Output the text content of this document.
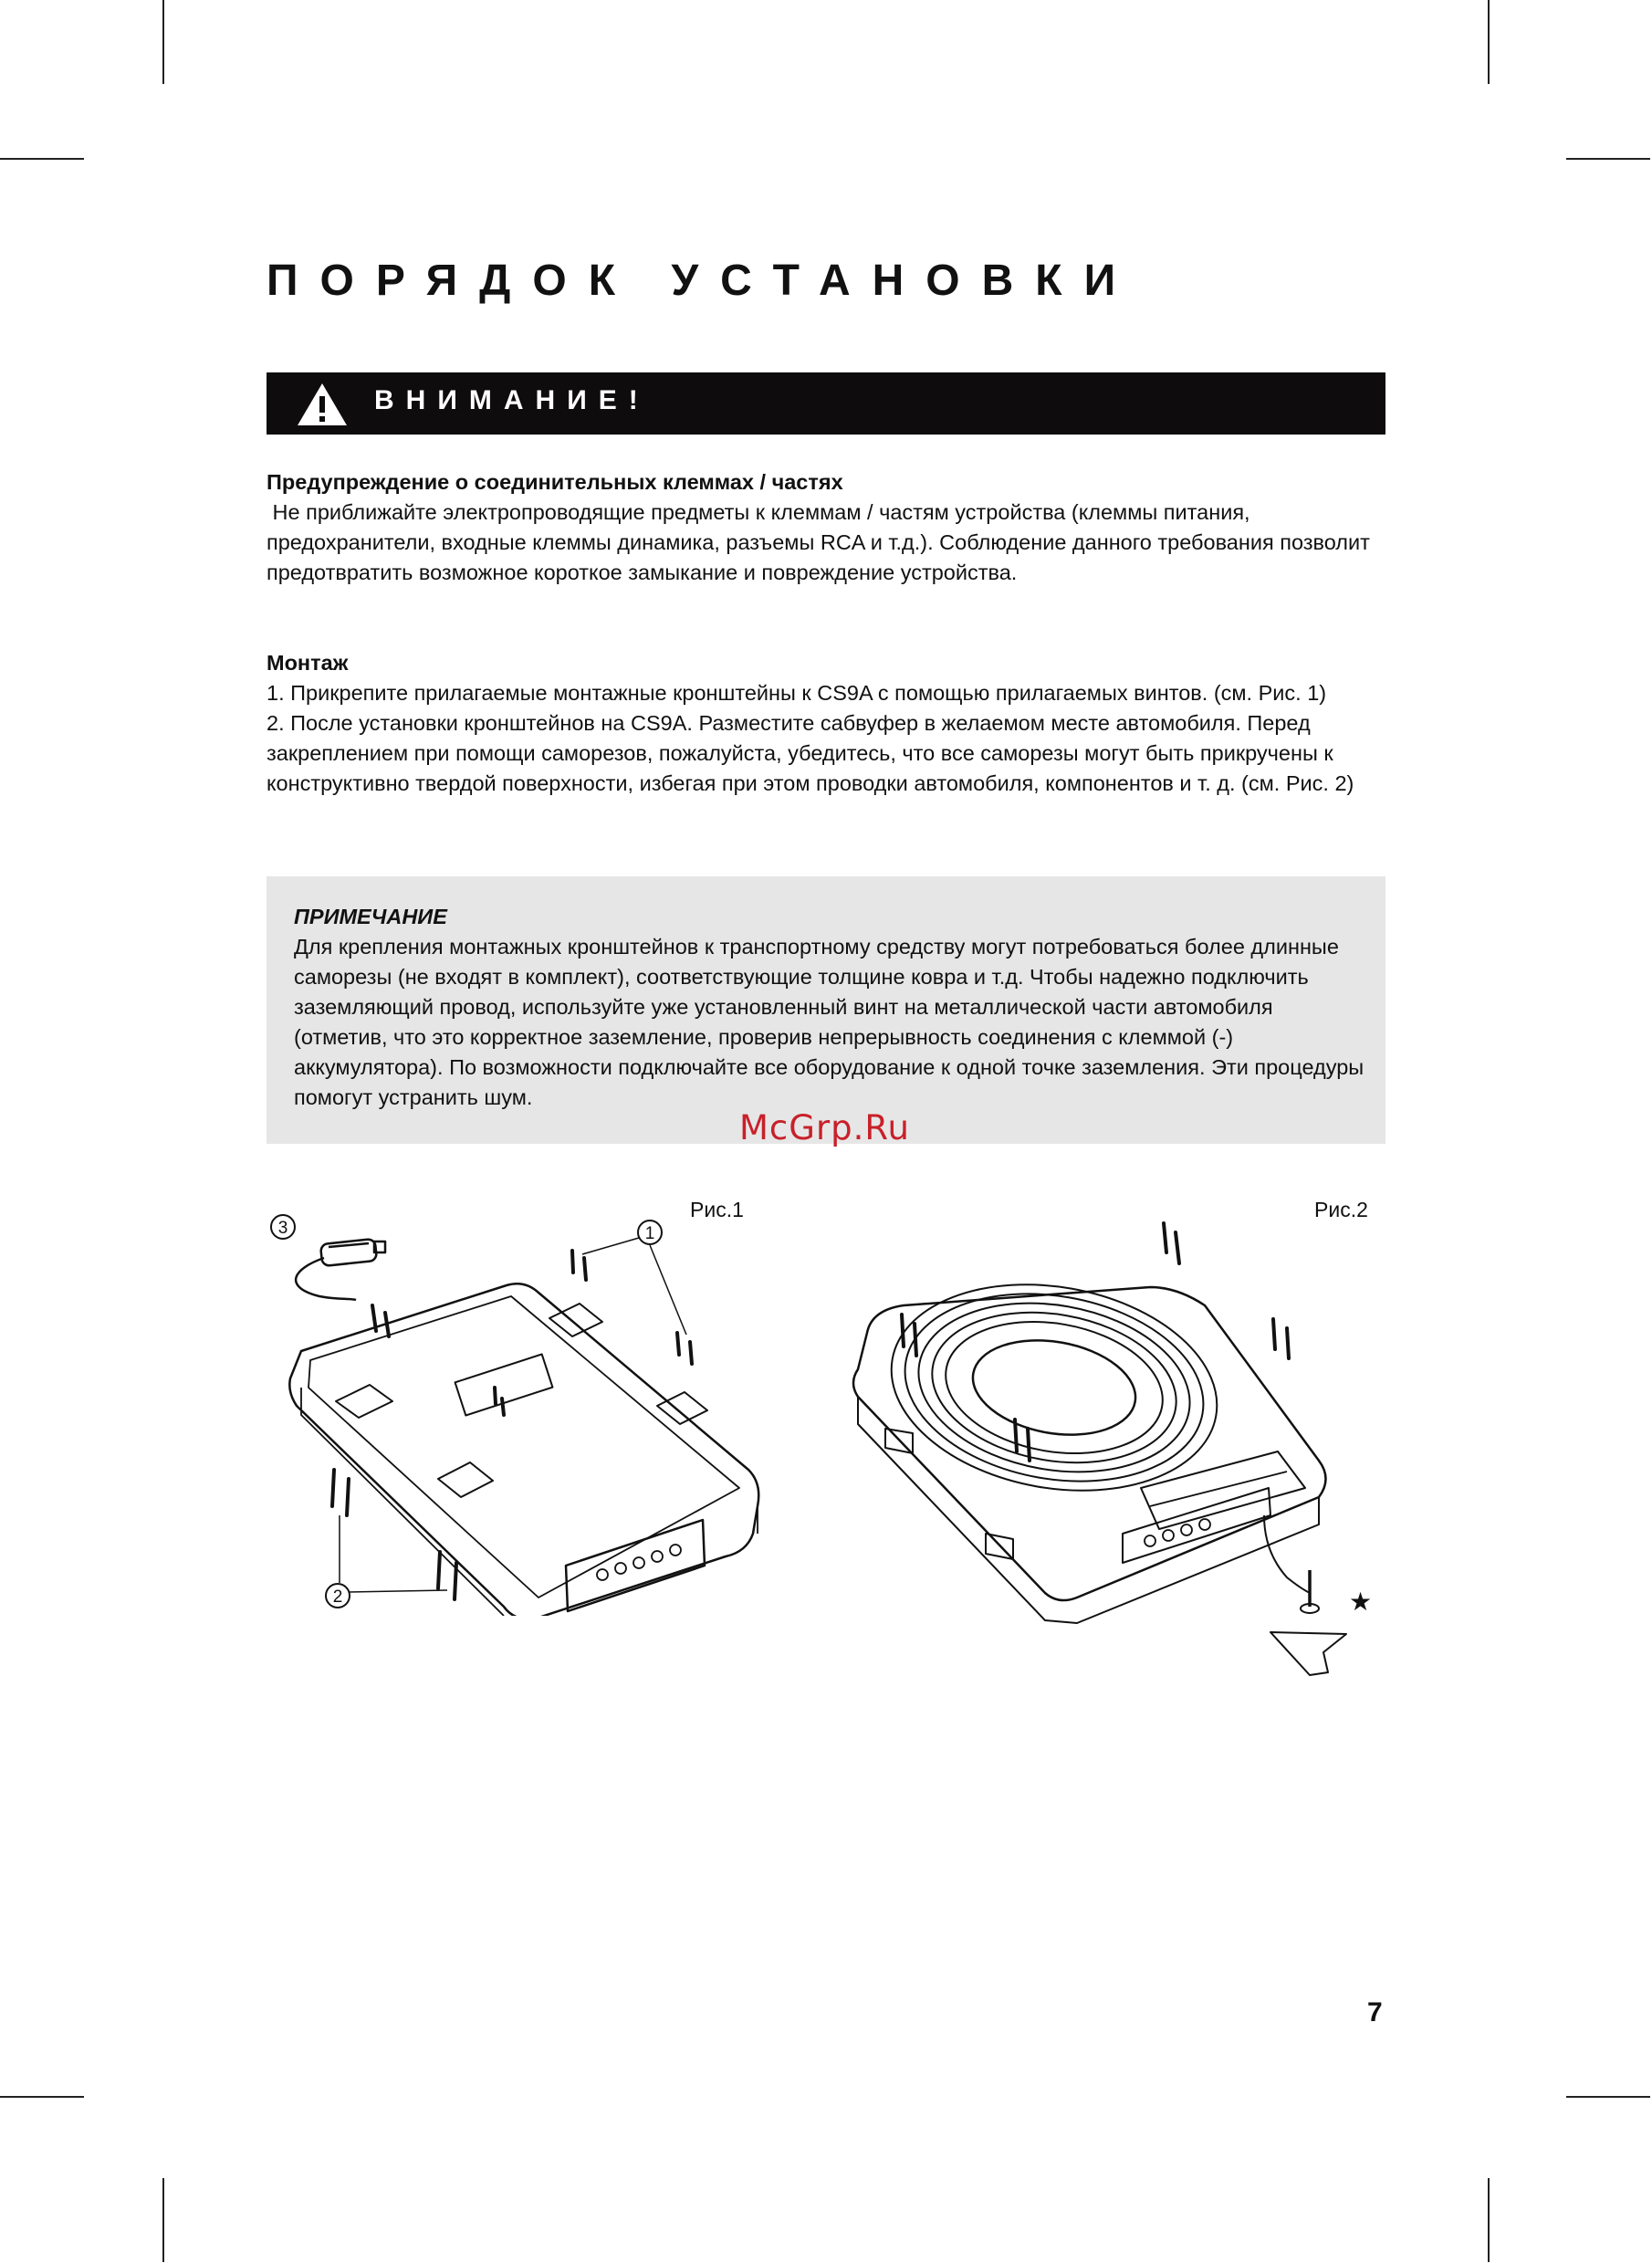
ПОРЯДОК УСТАНОВКИ
ВНИМАНИЕ!

Предупреждение о соединительных клеммах / частях

Не приближайте электропроводящие предметы к клеммам / частям устройства (клеммы питания, предохранители, входные клеммы динамика, разъемы RCA и т.д.). Соблюдение данного требования позволит предотвратить возможное короткое замыкание и повреждение устройства.

Монтаж

1. Прикрепите прилагаемые монтажные кронштейны к CS9A с помощью прилагаемых винтов. (см. Рис. 1)

2. После установки кронштейнов на CS9A. Разместите сабвуфер в желаемом месте автомобиля. Перед закреплением при помощи саморезов, пожалуйста, убедитесь, что все саморезы могут быть прикручены к конструктивно твердой поверхности, избегая при этом проводки автомобиля, компонентов и т. д. (см. Рис. 2)

ПРИМЕЧАНИЕ

Для крепления монтажных кронштейнов к транспортному средству могут потребоваться более длинные саморезы (не входят в комплект), соответствующие толщине ковра и т.д. Чтобы надежно подключить заземляющий провод, используйте уже установленный винт на металлической части автомобиля (отметив, что это корректное заземление, проверив непрерывность соединения с клеммой (-) аккумулятора). По возможности подключайте все оборудование к одной точке заземления. Эти процедуры помогут устранить шум.

McGrp.Ru
Рис.1	Рис.2
3	1
2	★
7
